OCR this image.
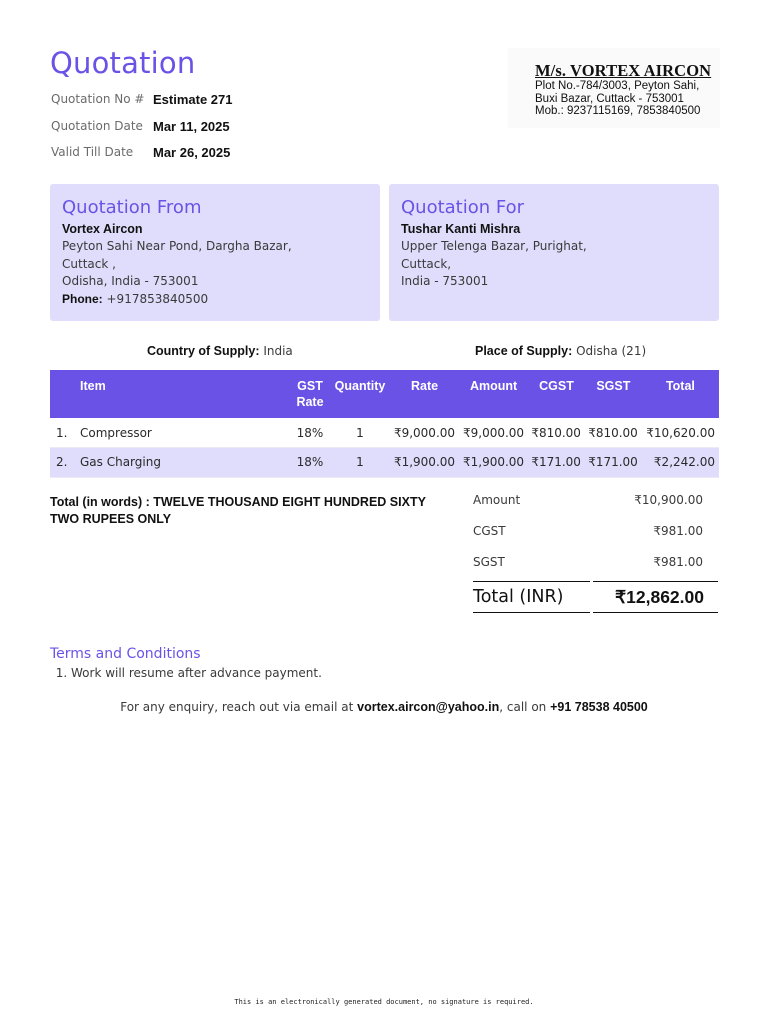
Quotation
Quotation No # Estimate 271
Quotation Date Mar 11, 2025
Valid Till Date	Mar 26, 2025
M/s. VORTEX AIRCON
Plot No.-784/3003, Peyton Sahi,
Buxi Bazar, Cuttack - 753001
Mob.: 9237115169, 7853840500
Quotation From
Vortex Aircon
Peyton Sahi Near Pond, Dargha Bazar,
Cuttack ,
Odisha, India - 753001
Phone: +917853840500
Quotation For
Tushar Kanti Mishra
Upper Telenga Bazar, Purighat,
Cuttack,
India - 753001
Country of Supply: India	Place of Supply: Odisha (21)
	Item	GST Rate	Quantity	Rate	Amount	CGST	SGST	Total
1.	Compressor	18%	1	₹9,000.00	₹9,000.00	₹810.00	₹810.00	₹10,620.00
2.	Gas Charging	18%	1	₹1,900.00	₹1,900.00	₹171.00	₹171.00	₹2,242.00
Total (in words) : TWELVE THOUSAND EIGHT HUNDRED SIXTY TWO RUPEES ONLY
Amount	₹10,900.00
CGST	₹981.00
SGST	₹981.00
Total (INR)	₹12,862.00
Terms and Conditions
1. Work will resume after advance payment.
For any enquiry, reach out via email at vortex.aircon@yahoo.in, call on +91 78538 40500
This is an electronically generated document, no signature is required.
